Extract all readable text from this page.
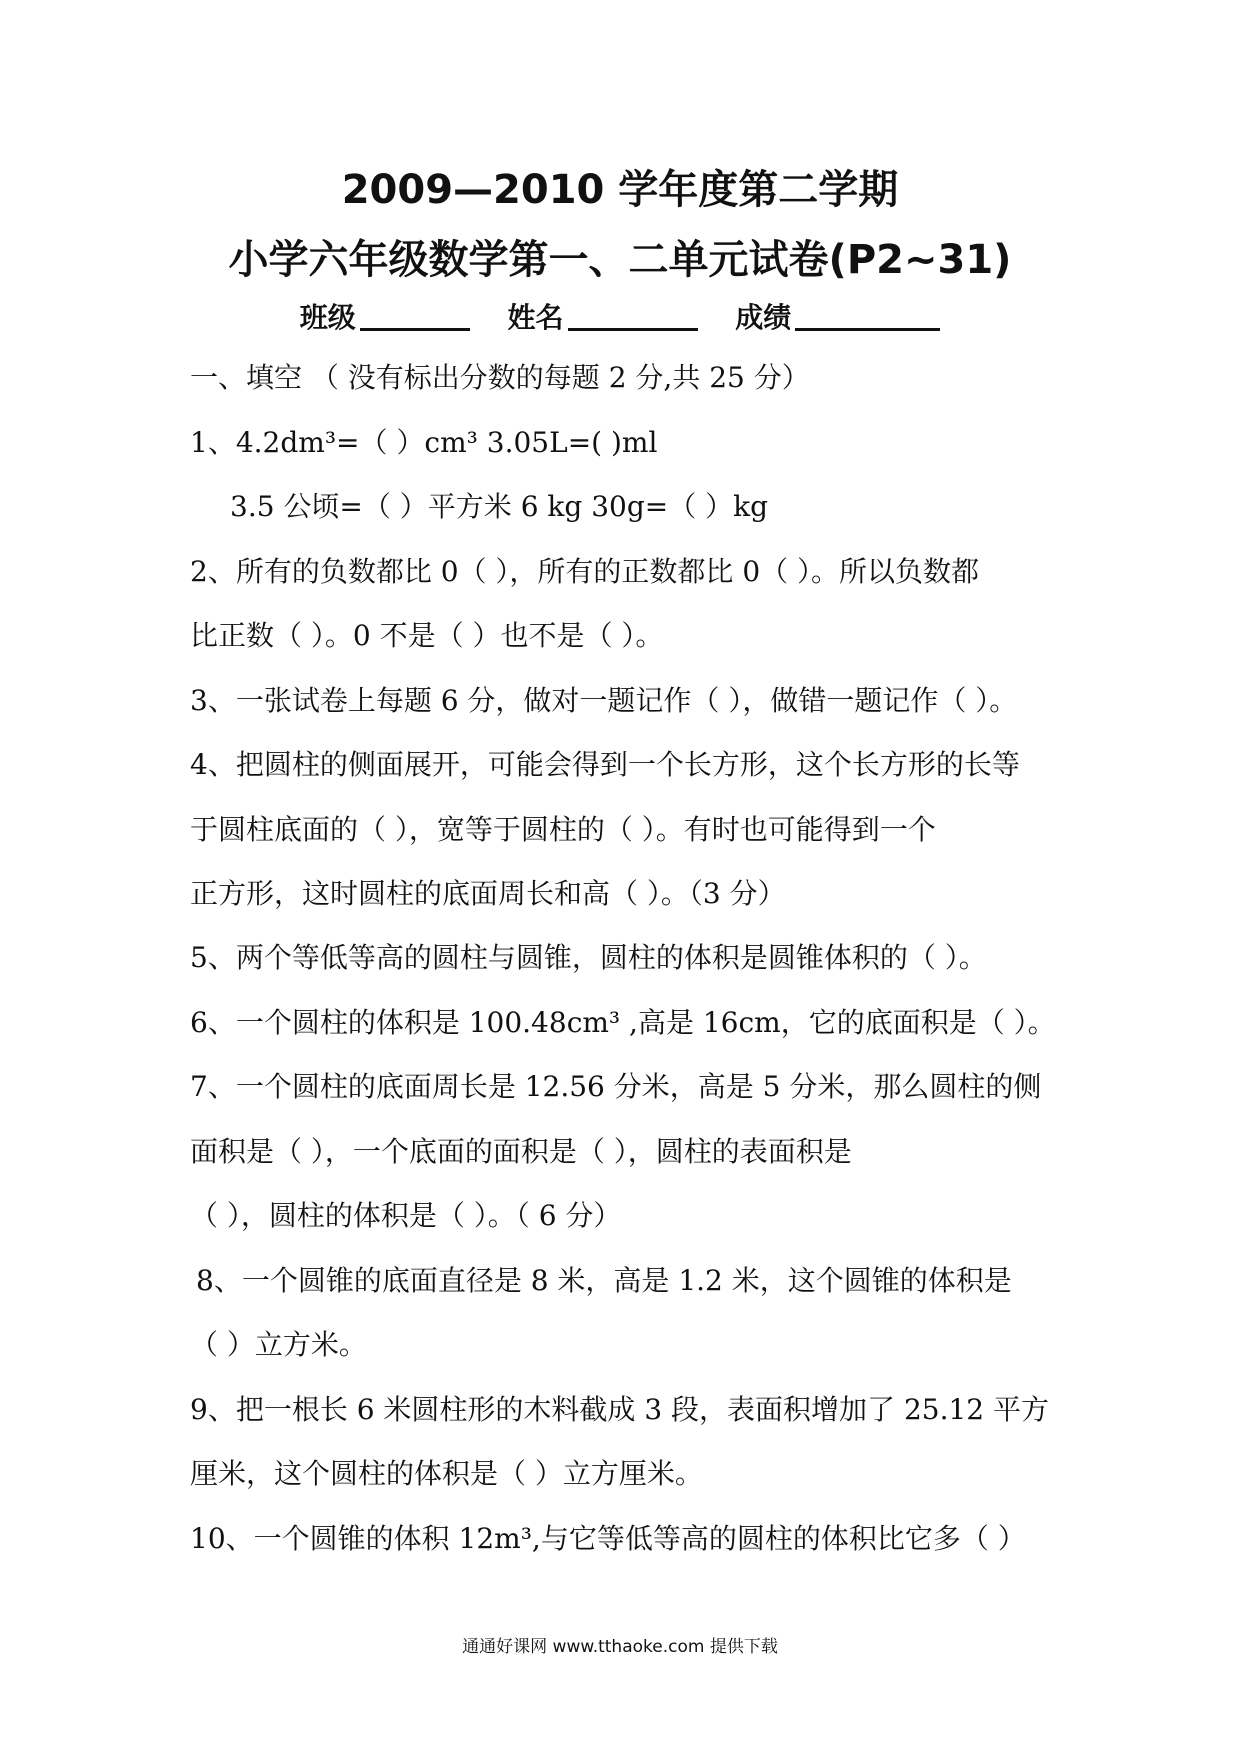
2009—2010 学年度第二学期
小学六年级数学第一、二单元试卷(P2~31)
班级	姓名	成绩
一、填空 （ 没有标出分数的每题 2 分,共 25 分）
1、4.2dm³=（ ）cm³ 3.05L=( )ml
3.5 公顷=（ ）平方米 6 kg 30g=（ ）kg
2、所有的负数都比 0（ ），所有的正数都比 0（ ）。所以负数都
比正数（ ）。0 不是（ ）也不是（ ）。
3、一张试卷上每题 6 分，做对一题记作（ ），做错一题记作（ ）。
4、把圆柱的侧面展开，可能会得到一个长方形，这个长方形的长等
于圆柱底面的（ ），宽等于圆柱的（ ）。有时也可能得到一个
正方形，这时圆柱的底面周长和高（ ）。（3 分）
5、两个等低等高的圆柱与圆锥，圆柱的体积是圆锥体积的（ ）。
6、一个圆柱的体积是 100.48cm³ ,高是 16cm，它的底面积是（ ）。
7、一个圆柱的底面周长是 12.56 分米，高是 5 分米，那么圆柱的侧
面积是（ ），一个底面的面积是（ ），圆柱的表面积是
（ ），圆柱的体积是（ ）。（ 6 分）
8、一个圆锥的底面直径是 8 米，高是 1.2 米，这个圆锥的体积是
（ ）立方米。
9、把一根长 6 米圆柱形的木料截成 3 段，表面积增加了 25.12 平方
厘米，这个圆柱的体积是（ ）立方厘米。
10、一个圆锥的体积 12m³,与它等低等高的圆柱的体积比它多（ ）
通通好课网 www.tthaoke.com 提供下载
